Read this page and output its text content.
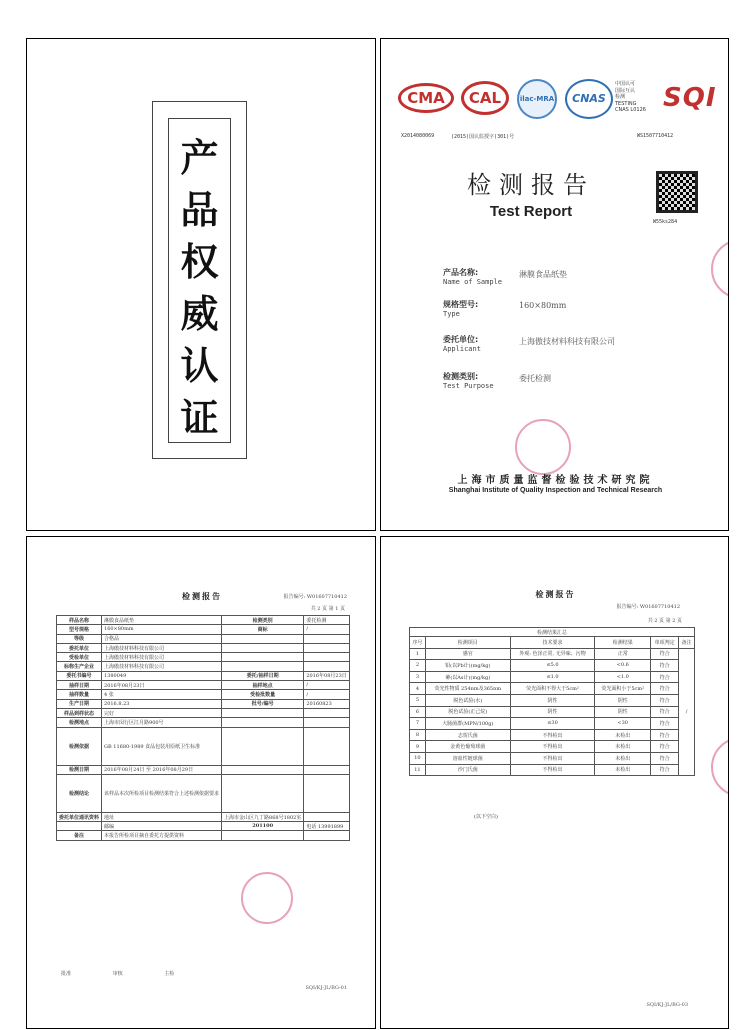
产
品
权
威
认
证
CMA	CAL	ilac-MRA	CNAS
中国认可
国际互认
检测
TESTING
CNAS L0126 SQI
X2014080069	(2015)国认监授字(301)号	WS15077104​12
检测报告
Test Report
W55ks284
产品名称:
Name of Sample
淋膜食品纸垫
规格型号:
Type
160×80mm
委托单位:
Applicant
上海傲技材料科技有限公司
检测类别:
Test Purpose
委托检测
上海市质量监督检验技术研究院
Shanghai Institute of Quality Inspection and Technical Research
检测报告	报告编号: W01607710412
共 2 页 第 1 页
样品名称	淋膜食品纸垫	检测类别	委托检测
型号规格	160×80mm	商标	/
等级	合格品		
委托单位	上海傲技材料科技有限公司		
受检单位	上海傲技材料科技有限公司		
标称生产企业	上海傲技材料科技有限公司		
委托书编号	1380049	委托/抽样日期	2016年08月23日
抽样日期	2016年08月23日	抽样地点	/
抽样数量	4 张	受检批数量	/
生产日期	2016.8.23	批号/编号	20160823
样品到样状态	完好		
检测地点	上海市闵行区江月路900号		
检测依据	GB 11680-1989 食品包装用原纸卫生标准		
检测日期	2016年08月24日 至 2016年08月29日		
检测结论	该样品本次所检项目检测结果符合上述检测依据要求		
委托单位通讯资料	地址	上海市金山区九丁路868号1802室	
	邮编	201100	电话 13991899
备注	本报告所检项目摘自委托方提供资料		
批准	审核	主检
SQI/KJ-JL/BG-01
检测报告
报告编号: W01607710412
共 2 页 第 2 页
检测结果汇总					
序号	检测项目	技术要求	检测结果	单项判定	备注
1	感官	外观: 色泽正常, 无异味、污物	正常	符合	/
2	铅(以Pb计)(mg/kg)	≤5.0	<0.6	符合	
3	砷(以As计)(mg/kg)	≤1.0	<1.0	符合	
4	荧光性物质 254nm及365nm	荧光面积不得大于5cm²	荧光面积小于5cm²	符合	
5	脱色试验(水)	阴性	阴性	符合	
6	脱色试验(正己烷)	阴性	阴性	符合	
7	大肠菌群(MPN/100g)	≤30	<30	符合	
8	志贺氏菌	不得检出	未检出	符合	
9	金黄色葡萄球菌	不得检出	未检出	符合	
10	溶血性链球菌	不得检出	未检出	符合	
11	沙门氏菌	不得检出	未检出	符合	
(以下空白)
SQI/KJ-JL/BG-03
